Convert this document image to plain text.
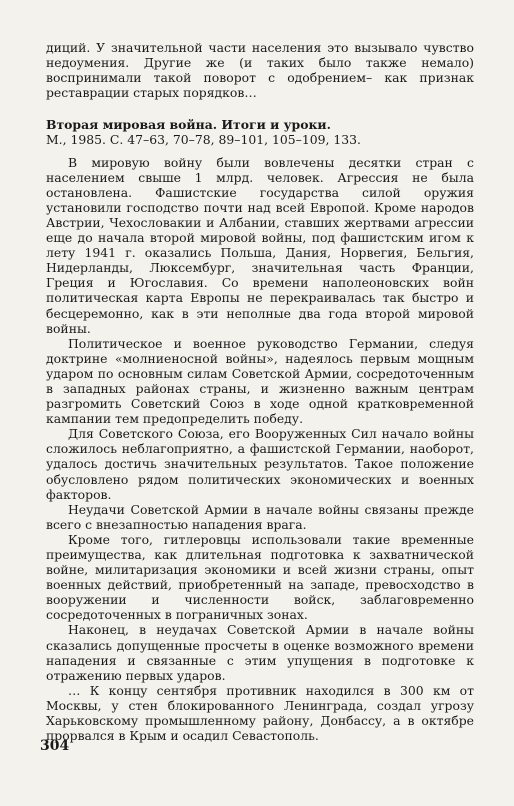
диций. У значительной части населения это вызывало чувство недоумения. Другие же (и таких было также немало) воспринимали такой поворот с одобрением– как признак реставрации старых порядков…

Вторая мировая война. Итоги и уроки.

М., 1985. С. 47–63, 70–78, 89–101, 105–109, 133.

В мировую войну были вовлечены десятки стран с населением свыше 1 млрд. человек. Агрессия не была остановлена. Фашистские государства силой оружия установили господство почти над всей Европой. Кроме народов Австрии, Чехословакии и Албании, ставших жертвами агрессии еще до начала второй мировой войны, под фашистским игом к лету 1941 г. оказались Польша, Дания, Норвегия, Бельгия, Нидерланды, Люксембург, значительная часть Франции, Греция и Югославия. Со времени наполеоновских войн политическая карта Европы не перекраивалась так быстро и бесцеремонно, как в эти неполные два года второй мировой войны.

Политическое и военное руководство Германии, следуя доктрине «молниеносной войны», надеялось первым мощным ударом по основным силам Советской Армии, сосредоточенным в западных районах страны, и жизненно важным центрам разгромить Советский Союз в ходе одной кратковременной кампании тем предопределить победу.

Для Советского Союза, его Вооруженных Сил начало войны сложилось неблагоприятно, а фашистской Германии, наоборот, удалось достичь значительных результатов. Такое положение обусловлено рядом политических экономических и военных факторов.

Неудачи Советской Армии в начале войны связаны прежде всего с внезапностью нападения врага.

Кроме того, гитлеровцы использовали такие временные преимущества, как длительная подготовка к захватнической войне, милитаризация экономики и всей жизни страны, опыт военных действий, приобретенный на западе, превосходство в вооружении и численности войск, заблаговременно сосредоточенных в пограничных зонах.

Наконец, в неудачах Советской Армии в начале войны сказались допущенные просчеты в оценке возможного времени нападения и связанные с этим упущения в подготовке к отражению первых ударов.

… К концу сентября противник находился в 300 км от Москвы, у стен блокированного Ленинграда, создал угрозу Харьковскому промышленному району, Донбассу, а в октябре прорвался в Крым и осадил Севастополь.

304
